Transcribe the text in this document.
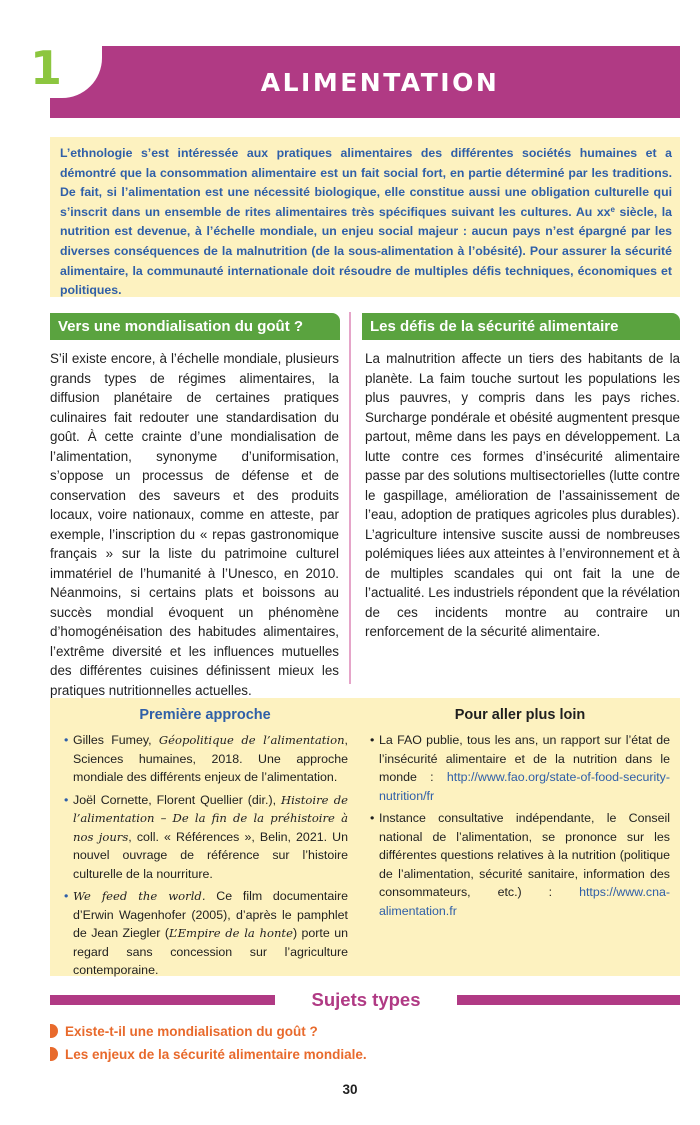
1	ALIMENTATION
L’ethnologie s’est intéressée aux pratiques alimentaires des différentes sociétés humaines et a démontré que la consommation alimentaire est un fait social fort, en partie déterminé par les traditions. De fait, si l’alimentation est une nécessité biologique, elle constitue aussi une obligation culturelle qui s’inscrit dans un ensemble de rites alimentaires très spécifiques suivant les cultures. Au $xx^e$ siècle, la nutrition est devenue, à l’échelle mondiale, un enjeu social majeur : aucun pays n’est épargné par les diverses conséquences de la malnutrition (de la sous-alimentation à l’obésité). Pour assurer la sécurité alimentaire, la communauté internationale doit résoudre de multiples défis techniques, économiques et politiques.
Vers une mondialisation du goût ?	Les défis de la sécurité alimentaire
S’il existe encore, à l’échelle mondiale, plusieurs grands types de régimes alimentaires, la diffusion planétaire de certaines pratiques culinaires fait redouter une standardisation du goût. À cette crainte d’une mondialisation de l’alimentation, synonyme d’uniformisation, s’oppose un processus de défense et de conservation des saveurs et des produits locaux, voire nationaux, comme en atteste, par exemple, l’inscription du « repas gastronomique français » sur la liste du patrimoine culturel immatériel de l’humanité à l’Unesco, en 2010. Néanmoins, si certains plats et boissons au succès mondial évoquent un phénomène d’homogénéisation des habitudes alimentaires, l’extrême diversité et les influences mutuelles des différentes cuisines définissent mieux les pratiques nutritionnelles actuelles.
La malnutrition affecte un tiers des habitants de la planète. La faim touche surtout les populations les plus pauvres, y compris dans les pays riches. Surcharge pondérale et obésité augmentent presque partout, même dans les pays en développement. La lutte contre ces formes d’insécurité alimentaire passe par des solutions multisectorielles (lutte contre le gaspillage, amélioration de l’assainissement de l’eau, adoption de pratiques agricoles plus durables). L’agriculture intensive suscite aussi de nombreuses polémiques liées aux atteintes à l’environnement et à de multiples scandales qui ont fait la une de l’actualité. Les industriels répondent que la révélation de ces incidents montre au contraire un renforcement de la sécurité alimentaire.
Première approche	Pour aller plus loin
• Gilles Fumey, Géopolitique de l’alimentation, Sciences humaines, 2018. Une approche mondiale des différents enjeux de l’alimentation.
• Joël Cornette, Florent Quellier (dir.), Histoire de l’alimentation – De la fin de la préhistoire à nos jours, coll. « Références », Belin, 2021. Un nouvel ouvrage de référence sur l’histoire culturelle de la nourriture.
• We feed the world. Ce film documentaire d’Erwin Wagenhofer (2005), d’après le pamphlet de Jean Ziegler (L’Empire de la honte) porte un regard sans concession sur l’agriculture contemporaine.
• La FAO publie, tous les ans, un rapport sur l’état de l’insécurité alimentaire et de la nutrition dans le monde : http://www.fao.org/state-of-food-security-nutrition/fr
• Instance consultative indépendante, le Conseil national de l’alimentation, se prononce sur les différentes questions relatives à la nutrition (politique de l’alimentation, sécurité sanitaire, information des consommateurs, etc.) : https://www.cna-alimentation.fr
Sujets types
Existe-t-il une mondialisation du goût ?
Les enjeux de la sécurité alimentaire mondiale.
30
